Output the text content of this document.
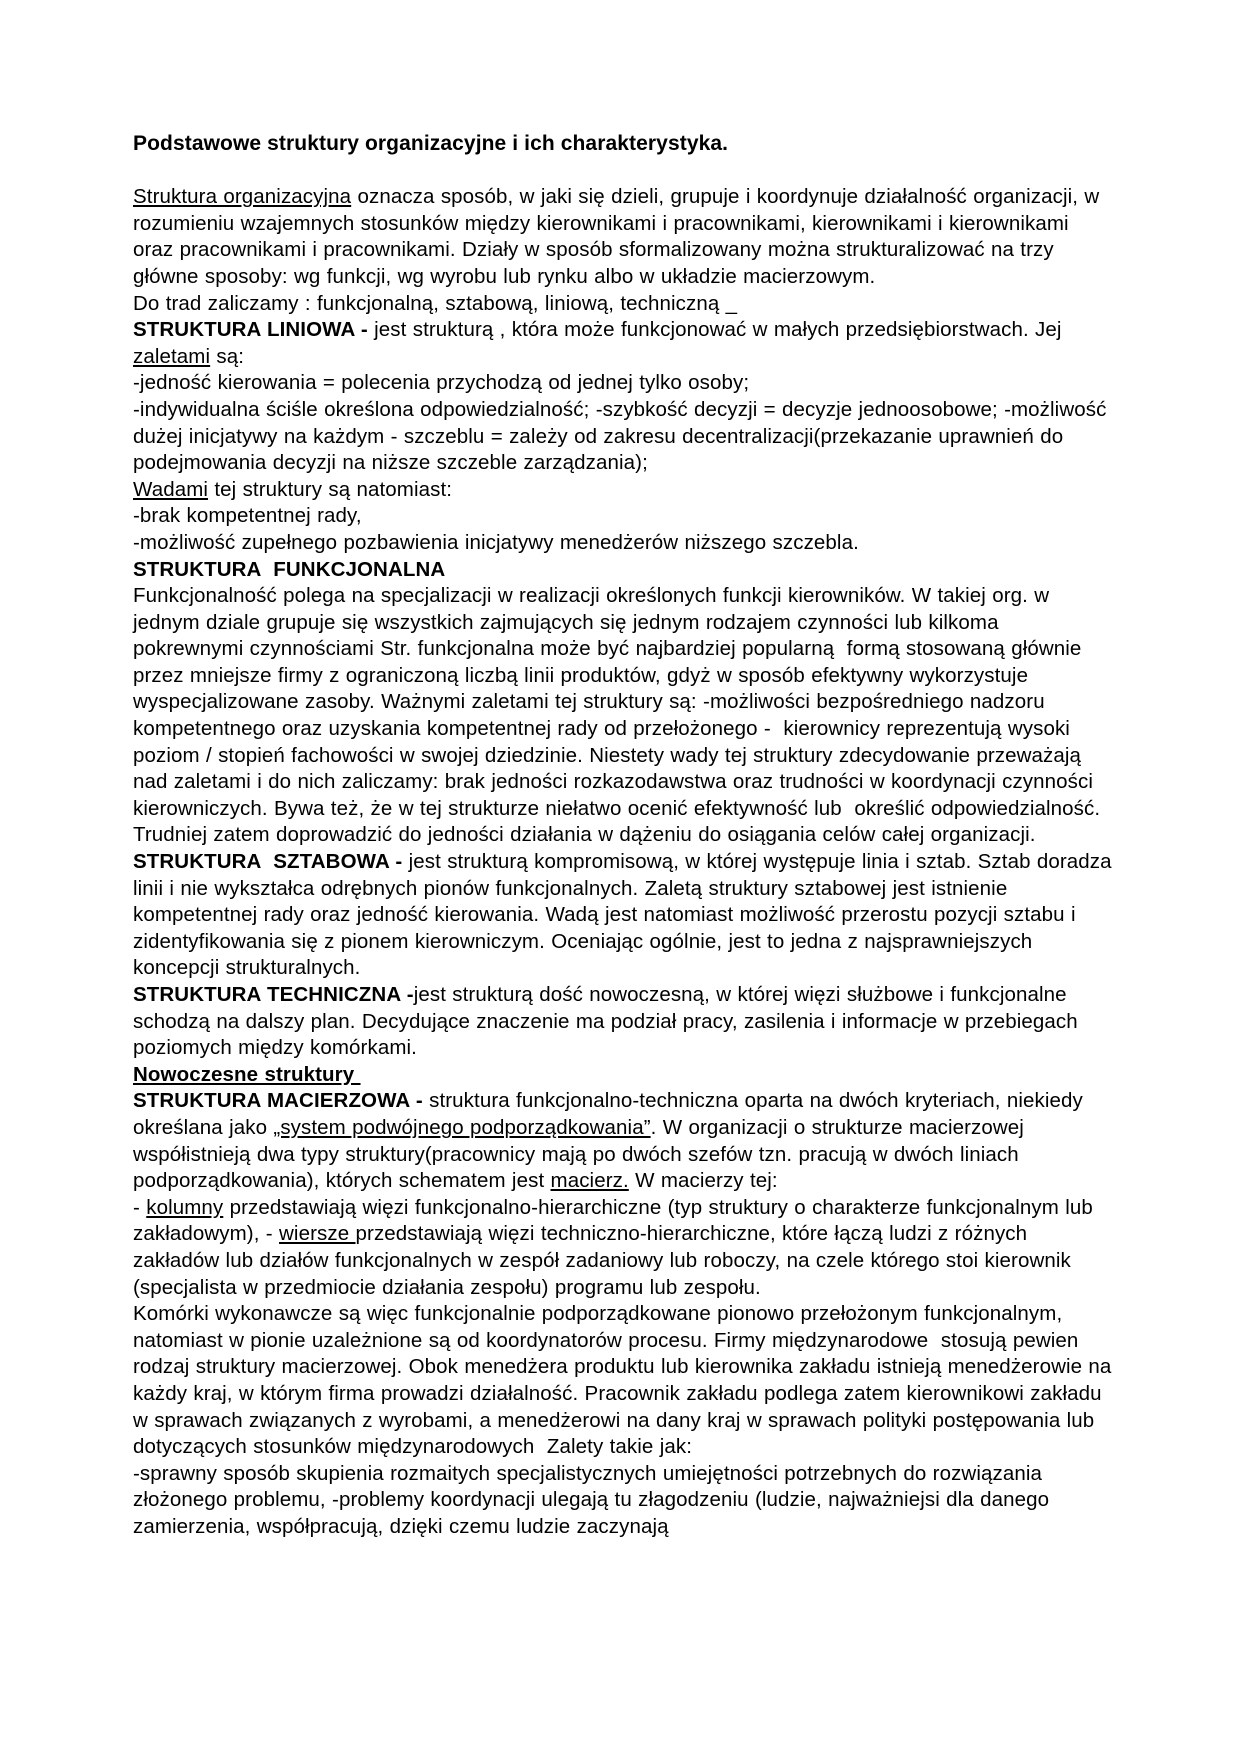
Podstawowe struktury organizacyjne i ich charakterystyka.

Struktura organizacyjna oznacza sposób, w jaki się dzieli, grupuje i koordynuje działalność organizacji, w rozumieniu wzajemnych stosunków między kierownikami i pracownikami, kierownikami i kierownikami oraz pracownikami i pracownikami. Działy w sposób sformalizowany można strukturalizować na trzy główne sposoby: wg funkcji, wg wyrobu lub rynku albo w układzie macierzowym.

Do trad zaliczamy : funkcjonalną, sztabową, liniową, techniczną _

STRUKTURA LINIOWA - jest strukturą , która może funkcjonować w małych przedsiębiorstwach. Jej zaletami są:

-jedność kierowania = polecenia przychodzą od jednej tylko osoby;

-indywidualna ściśle określona odpowiedzialność; -szybkość decyzji = decyzje jednoosobowe; -możliwość dużej inicjatywy na każdym - szczeblu = zależy od zakresu decentralizacji(przekazanie uprawnień do podejmowania decyzji na niższe szczeble zarządzania);

Wadami tej struktury są natomiast:

-brak kompetentnej rady,

-możliwość zupełnego pozbawienia inicjatywy menedżerów niższego szczebla.

STRUKTURA  FUNKCJONALNA

Funkcjonalność polega na specjalizacji w realizacji określonych funkcji kierowników. W takiej org. w jednym dziale grupuje się wszystkich zajmujących się jednym rodzajem czynności lub kilkoma pokrewnymi czynnościami Str. funkcjonalna może być najbardziej popularną  formą stosowaną głównie przez mniejsze firmy z ograniczoną liczbą linii produktów, gdyż w sposób efektywny wykorzystuje wyspecjalizowane zasoby. Ważnymi zaletami tej struktury są: -możliwości bezpośredniego nadzoru kompetentnego oraz uzyskania kompetentnej rady od przełożonego -  kierownicy reprezentują wysoki poziom / stopień fachowości w swojej dziedzinie. Niestety wady tej struktury zdecydowanie przeważają nad zaletami i do nich zaliczamy: brak jedności rozkazodawstwa oraz trudności w koordynacji czynności kierowniczych. Bywa też, że w tej strukturze niełatwo ocenić efektywność lub  określić odpowiedzialność. Trudniej zatem doprowadzić do jedności działania w dążeniu do osiągania celów całej organizacji.

STRUKTURA  SZTABOWA - jest strukturą kompromisową, w której występuje linia i sztab. Sztab doradza linii i nie wykształca odrębnych pionów funkcjonalnych. Zaletą struktury sztabowej jest istnienie kompetentnej rady oraz jedność kierowania. Wadą jest natomiast możliwość przerostu pozycji sztabu i zidentyfikowania się z pionem kierowniczym. Oceniając ogólnie, jest to jedna z najsprawniejszych koncepcji strukturalnych.

STRUKTURA TECHNICZNA -jest strukturą dość nowoczesną, w której więzi służbowe i funkcjonalne schodzą na dalszy plan. Decydujące znaczenie ma podział pracy, zasilenia i informacje w przebiegach poziomych między komórkami.

Nowoczesne struktury

STRUKTURA MACIERZOWA - struktura funkcjonalno-techniczna oparta na dwóch kryteriach, niekiedy określana jako „system podwójnego podporządkowania”. W organizacji o strukturze macierzowej współistnieją dwa typy struktury(pracownicy mają po dwóch szefów tzn. pracują w dwóch liniach podporządkowania), których schematem jest macierz. W macierzy tej:

- kolumny przedstawiają więzi funkcjonalno-hierarchiczne (typ struktury o charakterze funkcjonalnym lub zakładowym), - wiersze przedstawiają więzi techniczno-hierarchiczne, które łączą ludzi z różnych zakładów lub działów funkcjonalnych w zespół zadaniowy lub roboczy, na czele którego stoi kierownik (specjalista w przedmiocie działania zespołu) programu lub zespołu.

Komórki wykonawcze są więc funkcjonalnie podporządkowane pionowo przełożonym funkcjonalnym, natomiast w pionie uzależnione są od koordynatorów procesu. Firmy międzynarodowe  stosują pewien rodzaj struktury macierzowej. Obok menedżera produktu lub kierownika zakładu istnieją menedżerowie na każdy kraj, w którym firma prowadzi działalność. Pracownik zakładu podlega zatem kierownikowi zakładu w sprawach związanych z wyrobami, a menedżerowi na dany kraj w sprawach polityki postępowania lub dotyczących stosunków międzynarodowych  Zalety takie jak:

-sprawny sposób skupienia rozmaitych specjalistycznych umiejętności potrzebnych do rozwiązania złożonego problemu, -problemy koordynacji ulegają tu złagodzeniu (ludzie, najważniejsi dla danego zamierzenia, współpracują, dzięki czemu ludzie zaczynają
